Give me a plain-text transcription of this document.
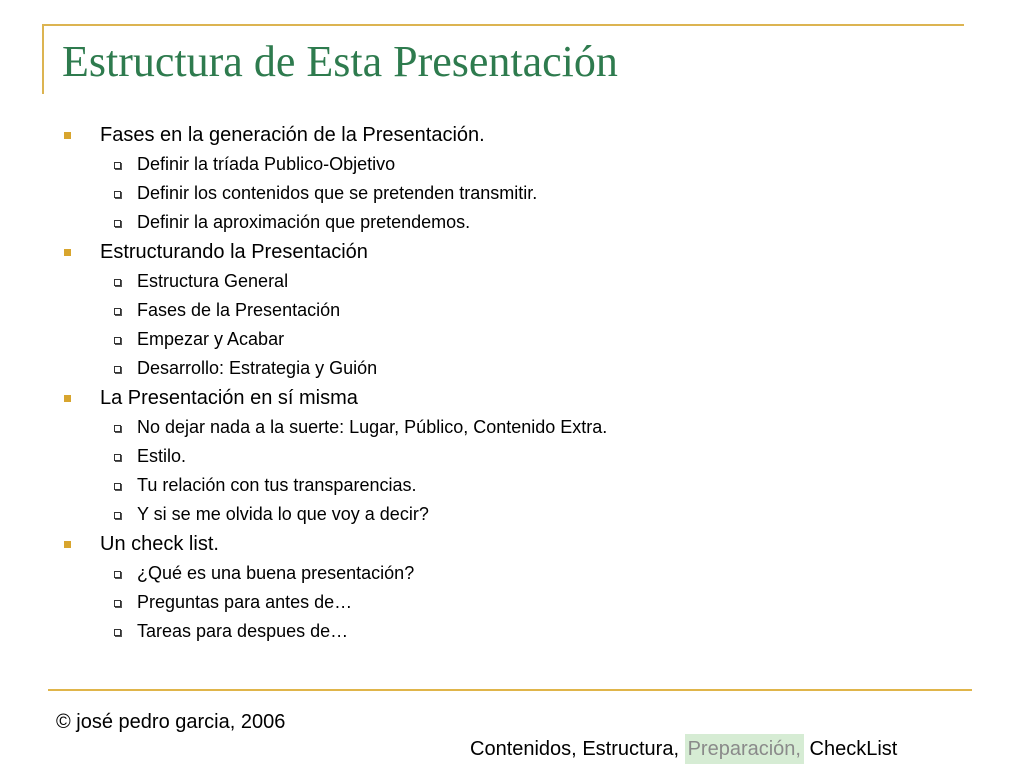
Estructura de Esta Presentación
Fases en la generación de la Presentación.
Definir la tríada Publico-Objetivo
Definir los contenidos que se pretenden transmitir.
Definir la aproximación que pretendemos.
Estructurando la Presentación
Estructura General
Fases de la Presentación
Empezar y Acabar
Desarrollo: Estrategia y Guión
La Presentación en sí misma
No dejar nada a la suerte: Lugar, Público, Contenido Extra.
Estilo.
Tu relación con tus transparencias.
Y si se me olvida lo que voy a decir?
Un check list.
¿Qué es una buena presentación?
Preguntas para antes de…
Tareas para despues de…
© josé pedro garcia, 2006
Contenidos, Estructura, Preparación, CheckList
